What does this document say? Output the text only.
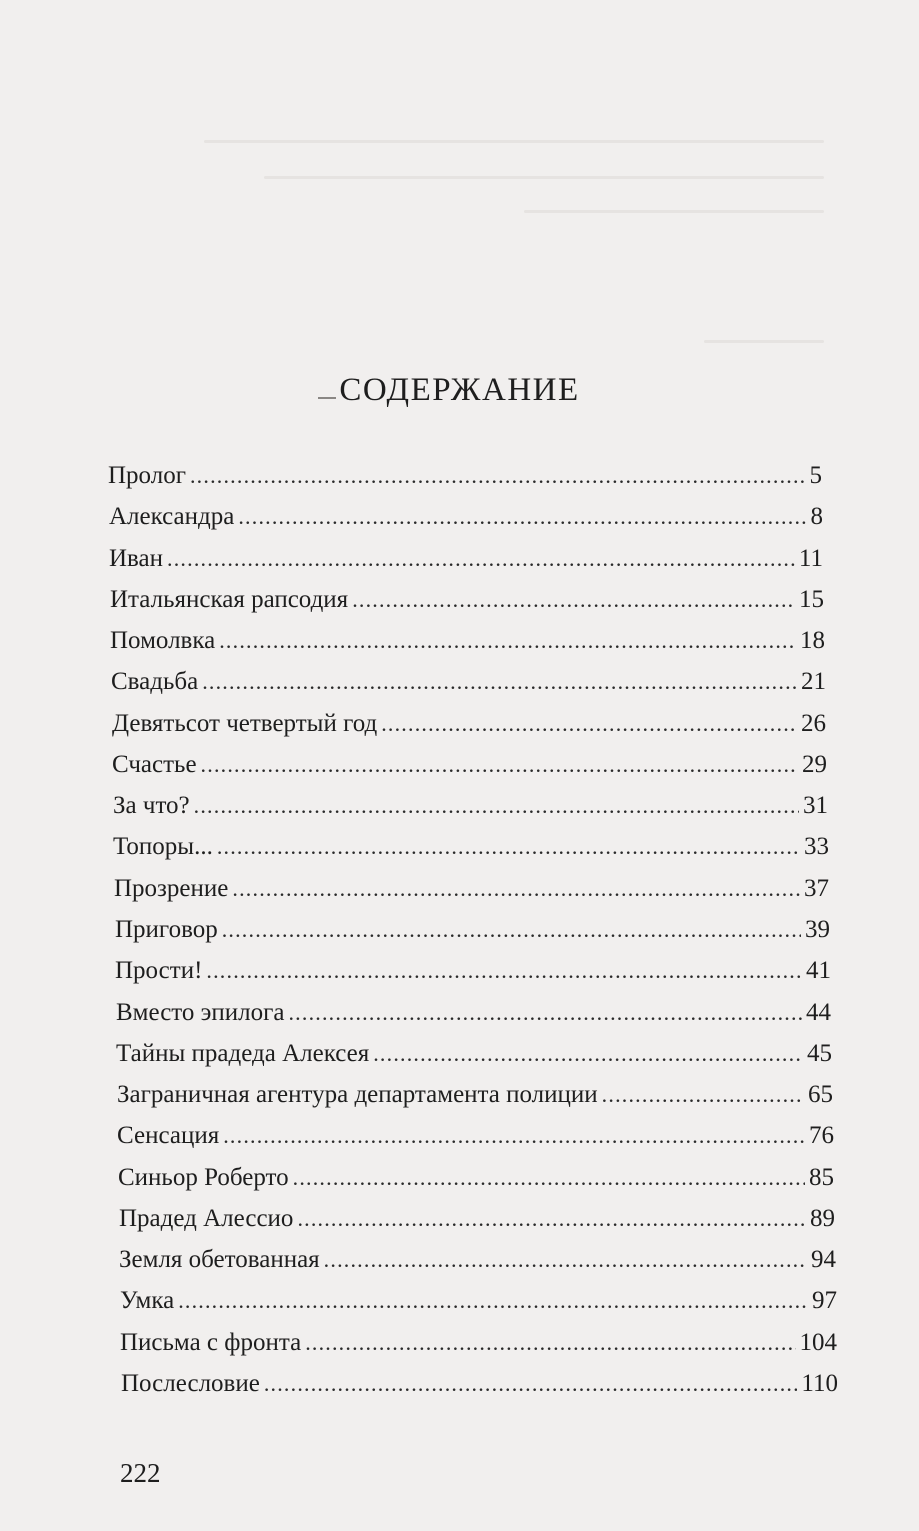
СОДЕРЖАНИЕ
Пролог .....	5
Александра .....	8
Иван .....	11
Итальянская рапсодия .....	15
Помолвка .....	18
Свадьба .....	21
Девятьсот четвертый год .....	26
Счастье .....	29
За что? .....	31
Топоры... .....	33
Прозрение .....	37
Приговор .....	39
Прости! .....	41
Вместо эпилога .....	44
Тайны прадеда Алексея .....	45
Заграничная агентура департамента полиции .....	65
Сенсация .....	76
Синьор Роберто .....	85
Прадед Алессио .....	89
Земля обетованная .....	94
Умка .....	97
Письма с фронта .....	104
Послесловие .....	110
222
